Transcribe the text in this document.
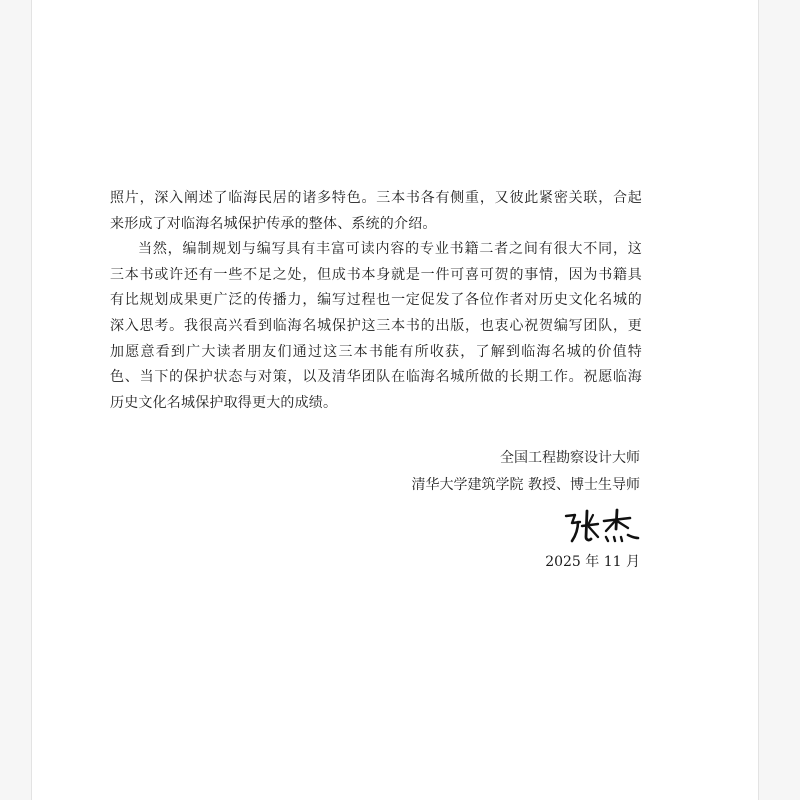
照片，深入阐述了临海民居的诸多特色。三本书各有侧重，又彼此紧密关联，合起
来形成了对临海名城保护传承的整体、系统的介绍。
当然，编制规划与编写具有丰富可读内容的专业书籍二者之间有很大不同，这
三本书或许还有一些不足之处，但成书本身就是一件可喜可贺的事情，因为书籍具
有比规划成果更广泛的传播力，编写过程也一定促发了各位作者对历史文化名城的
深入思考。我很高兴看到临海名城保护这三本书的出版，也衷心祝贺编写团队，更
加愿意看到广大读者朋友们通过这三本书能有所收获，了解到临海名城的价值特
色、当下的保护状态与对策，以及清华团队在临海名城所做的长期工作。祝愿临海
历史文化名城保护取得更大的成绩。
全国工程勘察设计大师
清华大学建筑学院 教授、博士生导师
2025 年 11 月
